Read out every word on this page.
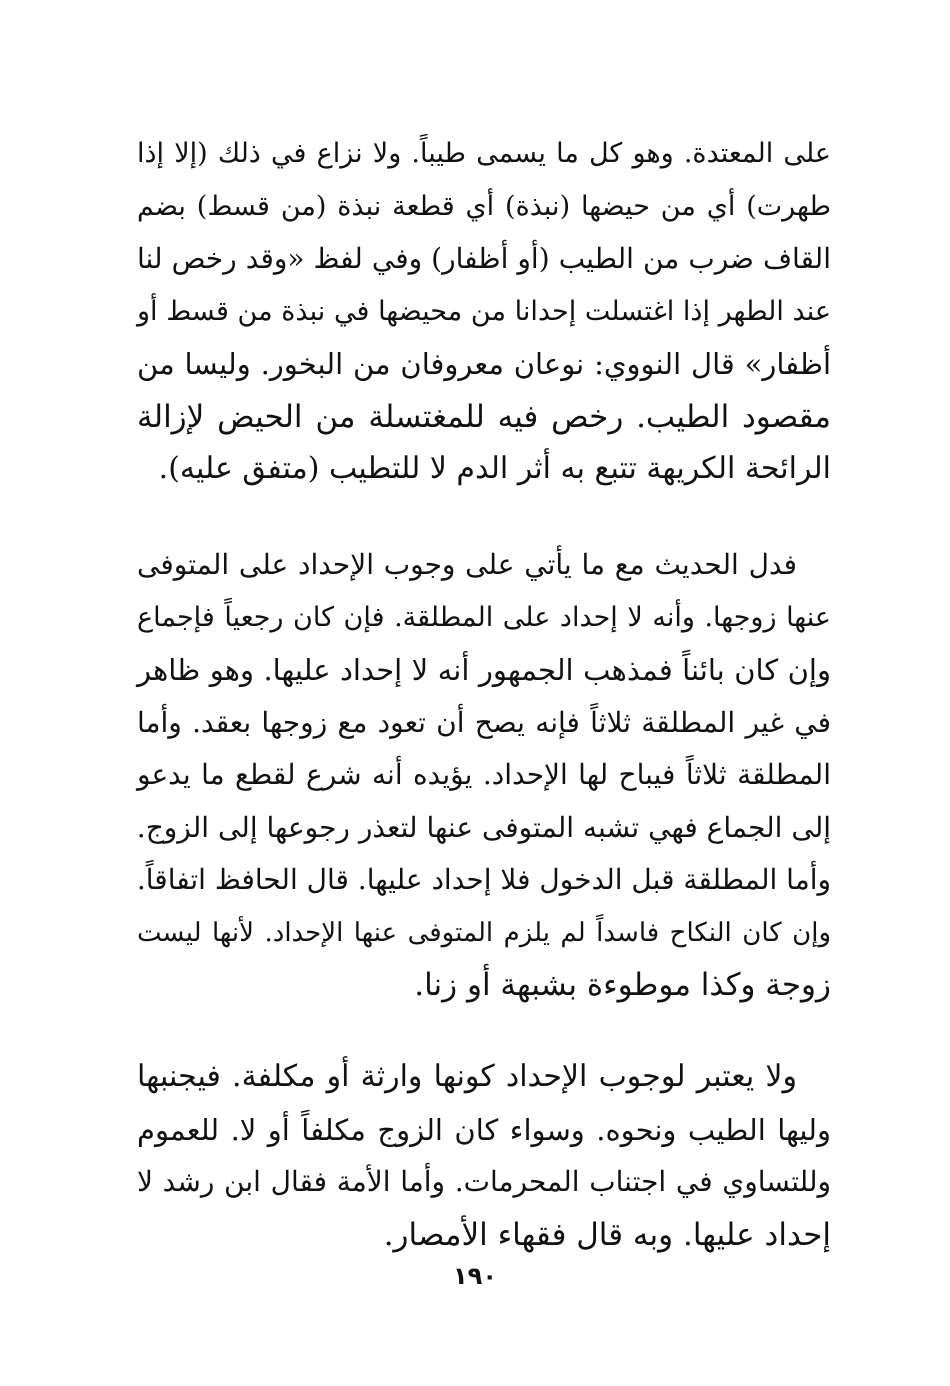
على المعتدة. وهو كل ما يسمى طيباً. ولا نزاع في ذلك (إلا إذا
طهرت) أي من حيضها (نبذة) أي قطعة نبذة (من قسط) بضم
القاف ضرب من الطيب (أو أظفار) وفي لفظ «وقد رخص لنا
عند الطهر إذا اغتسلت إحدانا من محيضها في نبذة من قسط أو
أظفار» قال النووي: نوعان معروفان من البخور. وليسا من
مقصود الطيب. رخص فيه للمغتسلة من الحيض لإزالة
الرائحة الكريهة تتبع به أثر الدم لا للتطيب (متفق عليه).
فدل الحديث مع ما يأتي على وجوب الإحداد على المتوفى
عنها زوجها. وأنه لا إحداد على المطلقة. فإن كان رجعياً فإجماع
وإن كان بائناً فمذهب الجمهور أنه لا إحداد عليها. وهو ظاهر
في غير المطلقة ثلاثاً فإنه يصح أن تعود مع زوجها بعقد. وأما
المطلقة ثلاثاً فيباح لها الإحداد. يؤيده أنه شرع لقطع ما يدعو
إلى الجماع فهي تشبه المتوفى عنها لتعذر رجوعها إلى الزوج.
وأما المطلقة قبل الدخول فلا إحداد عليها. قال الحافظ اتفاقاً.
وإن كان النكاح فاسداً لم يلزم المتوفى عنها الإحداد. لأنها ليست
زوجة وكذا موطوءة بشبهة أو زنا.
ولا يعتبر لوجوب الإحداد كونها وارثة أو مكلفة. فيجنبها
وليها الطيب ونحوه. وسواء كان الزوج مكلفاً أو لا. للعموم
وللتساوي في اجتناب المحرمات. وأما الأمة فقال ابن رشد لا
إحداد عليها. وبه قال فقهاء الأمصار.
١٩٠
